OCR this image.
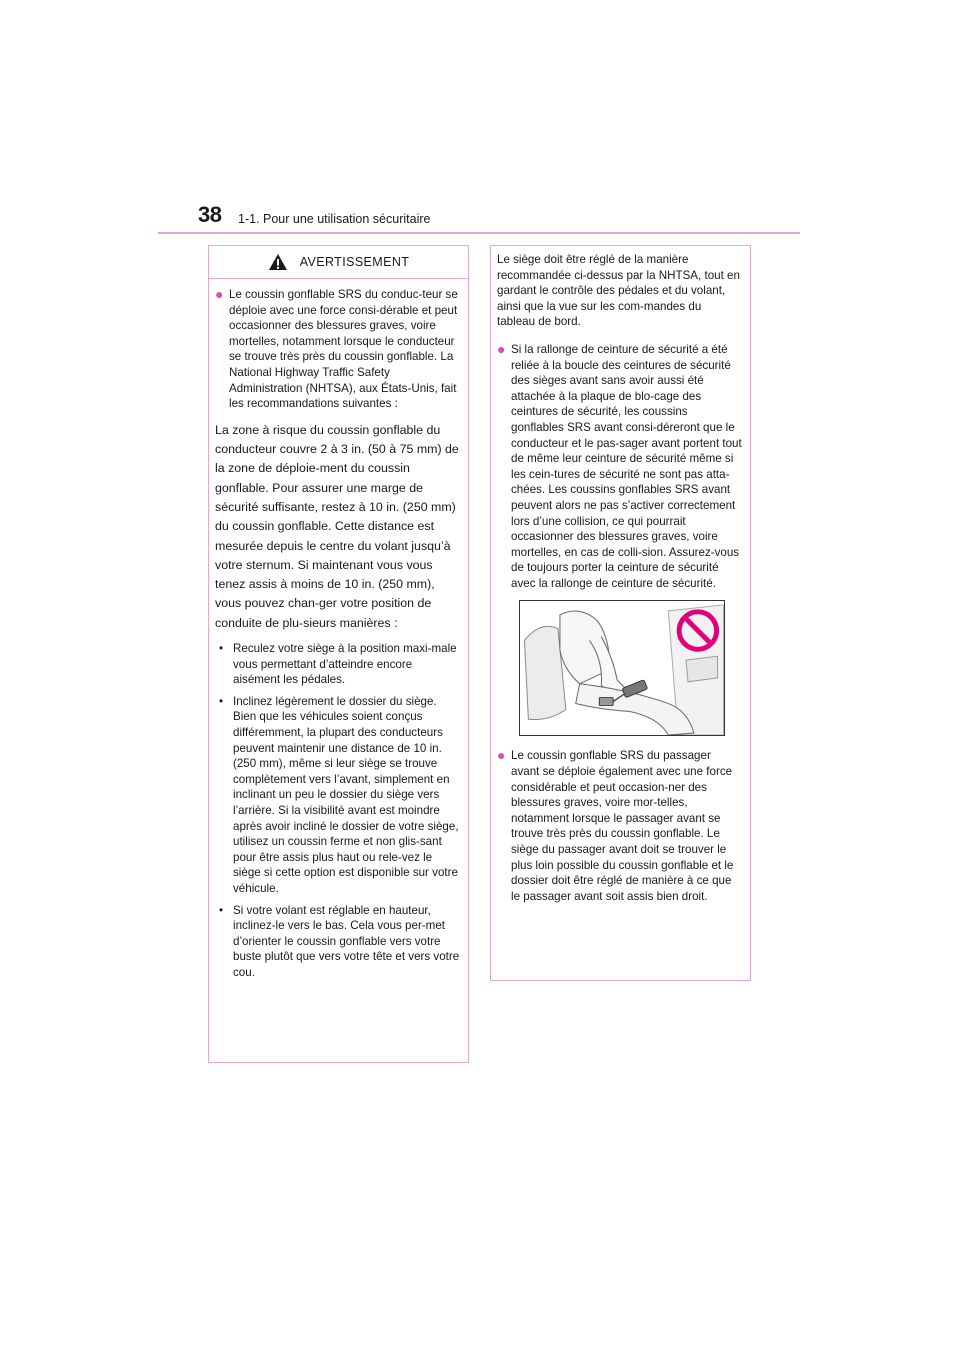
38 1-1. Pour une utilisation sécuritaire
AVERTISSEMENT
● Le coussin gonflable SRS du conduc-teur se déploie avec une force consi-dérable et peut occasionner des blessures graves, voire mortelles, notamment lorsque le conducteur se trouve très près du coussin gonflable. La National Highway Traffic Safety Administration (NHTSA), aux États-Unis, fait les recommandations suivantes :
La zone à risque du coussin gonflable du conducteur couvre 2 à 3 in. (50 à 75 mm) de la zone de déploie-ment du coussin gonflable. Pour assurer une marge de sécurité suffisante, restez à 10 in. (250 mm) du coussin gonflable. Cette distance est mesurée depuis le centre du volant jusqu’à votre sternum. Si maintenant vous vous tenez assis à moins de 10 in. (250 mm), vous pouvez chan-ger votre position de conduite de plu-sieurs manières :
• Reculez votre siège à la position maxi-male vous permettant d’atteindre encore aisément les pédales.
• Inclinez légèrement le dossier du siège. Bien que les véhicules soient conçus différemment, la plupart des conducteurs peuvent maintenir une distance de 10 in. (250 mm), même si leur siège se trouve complètement vers l’avant, simplement en inclinant un peu le dossier du siège vers l’arrière. Si la visibilité avant est moindre après avoir incliné le dossier de votre siège, utilisez un coussin ferme et non glis-sant pour être assis plus haut ou rele-vez le siège si cette option est disponible sur votre véhicule.
• Si votre volant est réglable en hauteur, inclinez-le vers le bas. Cela vous per-met d’orienter le coussin gonflable vers votre buste plutôt que vers votre tête et vers votre cou.
Le siège doit être réglé de la manière recommandée ci-dessus par la NHTSA, tout en gardant le contrôle des pédales et du volant, ainsi que la vue sur les com-mandes du tableau de bord.
● Si la rallonge de ceinture de sécurité a été reliée à la boucle des ceintures de sécurité des sièges avant sans avoir aussi été attachée à la plaque de blo-cage des ceintures de sécurité, les coussins gonflables SRS avant consi-déreront que le conducteur et le pas-sager avant portent tout de même leur ceinture de sécurité même si les cein-tures de sécurité ne sont pas atta-chées. Les coussins gonflables SRS avant peuvent alors ne pas s’activer correctement lors d’une collision, ce qui pourrait occasionner des blessures graves, voire mortelles, en cas de colli-sion. Assurez-vous de toujours porter la ceinture de sécurité avec la rallonge de ceinture de sécurité.
● Le coussin gonflable SRS du passager avant se déploie également avec une force considérable et peut occasion-ner des blessures graves, voire mor-telles, notamment lorsque le passager avant se trouve très près du coussin gonflable. Le siège du passager avant doit se trouver le plus loin possible du coussin gonflable et le dossier doit être réglé de manière à ce que le passager avant soit assis bien droit.
